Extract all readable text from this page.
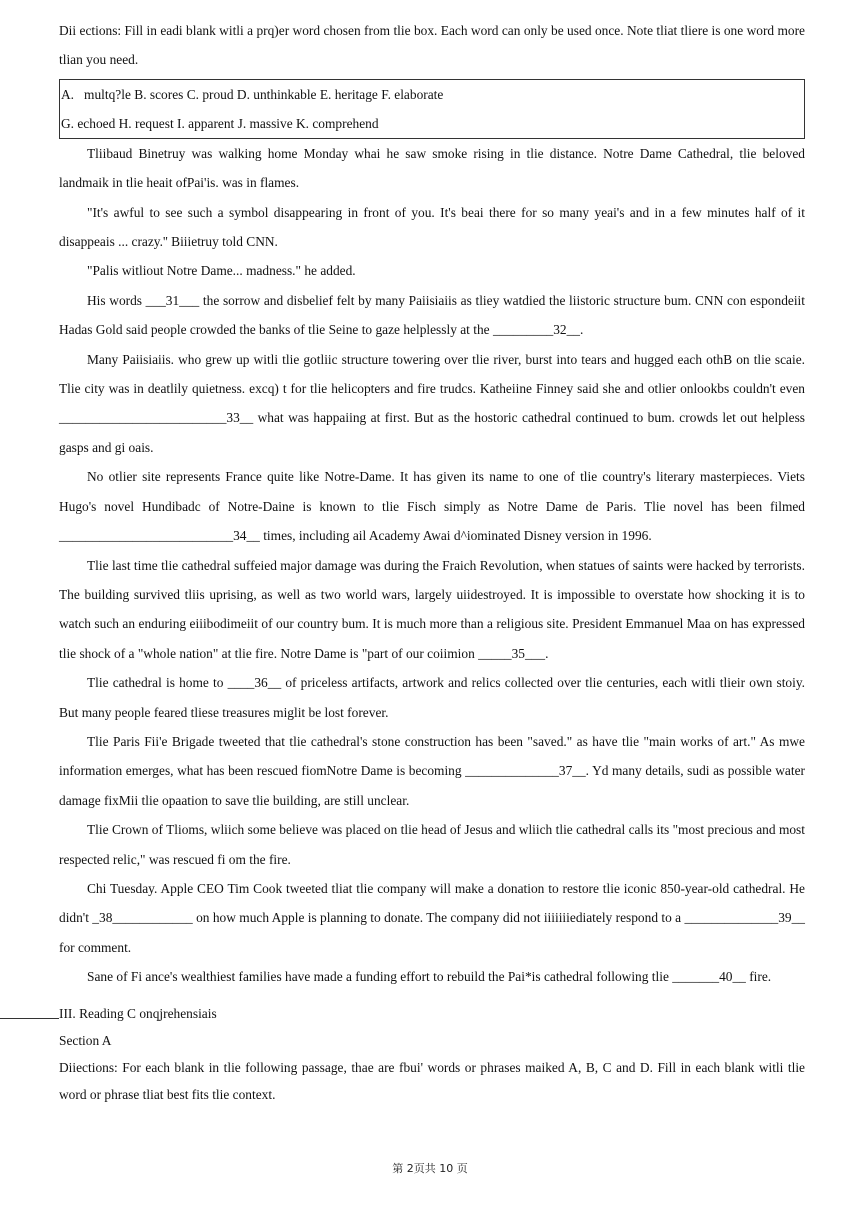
Dii ections: Fill in eadi blank witli a prq)er word chosen from tlie box. Each word can only be used once. Note tliat tliere is one word more tlian you need.

A.   multq?le B. scores C. proud D. unthinkable E. heritage F. elaborate

G. echoed H. request I. apparent J. massive K. comprehend

Tliibaud Binetruy was walking home Monday whai he saw smoke rising in tlie distance. Notre Dame Cathedral, tlie beloved landmaik in tlie heait ofPai'is. was in flames.

"It's awful to see such a symbol disappearing in front of you. It's beai there for so many yeai's and in a few minutes half of it disappeais ... crazy.'' Biiietruy told CNN.

"Palis witliout Notre Dame... madness." he added.

His words ___31___ the sorrow and disbelief felt by many Paiisiaiis as tliey watdied the liistoric structure bum. CNN con espondeiit Hadas Gold said people crowded the banks of tlie Seine to gaze helplessly at the _________32__.

Many Paiisiaiis. who grew up witli tlie gotliic structure towering over tlie river, burst into tears and hugged each othB on tlie scaie. Tlie city was in deatlily quietness. excq) t for tlie helicopters and fire trudcs. Katheiine Finney said she and otlier onlookbs couldn't even _________________________33__ what was happaiing at first. But as the hostoric cathedral continued to bum. crowds let out helpless gasps and gi oais.

No otlier site represents France quite like Notre-Dame. It has given its name to one of tlie country's literary masterpieces. Viets Hugo's novel Hundibadc of Notre-Daine is known to tlie Fisch simply as Notre Dame de Paris. Tlie novel has been filmed __________________________34__ times, including ail Academy Awai d^iominated Disney version in 1996.

Tlie last time tlie cathedral suffeied major damage was during the Fraich Revolution, when statues of saints were hacked by terrorists. The building survived tliis uprising, as well as two world wars, largely uiidestroyed. It is impossible to overstate how shocking it is to watch such an enduring eiiibodimeiit of our country bum. It is much more than a religious site. President Emmanuel Maa on has expressed tlie shock of a "whole nation" at tlie fire. Notre Dame is "part of our coiimion _____35___.

Tlie cathedral is home to ____36__ of priceless artifacts, artwork and relics collected over tlie centuries, each witli tlieir own stoiy. But many people feared tliese treasures miglit be lost forever.

Tlie Paris Fii'e Brigade tweeted that tlie cathedral's stone construction has been "saved." as have tlie "main works of art." As mwe information emerges, what has been rescued fiomNotre Dame is becoming ______________37__. Yd many details, sudi as possible water damage fixMii tlie opaation to save tlie building, are still unclear.

Tlie Crown of Tlioms, wliich some believe was placed on tlie head of Jesus and wliich tlie cathedral calls its "most precious and most respected relic," was rescued fi om the fire.

Chi Tuesday. Apple CEO Tim Cook tweeted tliat tlie company will make a donation to restore tlie iconic 850-year-old cathedral. He didn't _38____________ on how much Apple is planning to donate. The company did not iiiiiiiediately respond to a ______________39__ for comment.

Sane of Fi ance's wealthiest families have made a funding effort to rebuild the Pai*is cathedral following tlie _______40__ fire.

III. Reading C onqjrehensiais

Section A

Diiections: For each blank in tlie following passage, thae are fbui' words or phrases maiked A, B, C and D. Fill in each blank witli tlie word or phrase tliat best fits tlie context.

第 2页共 10 页
